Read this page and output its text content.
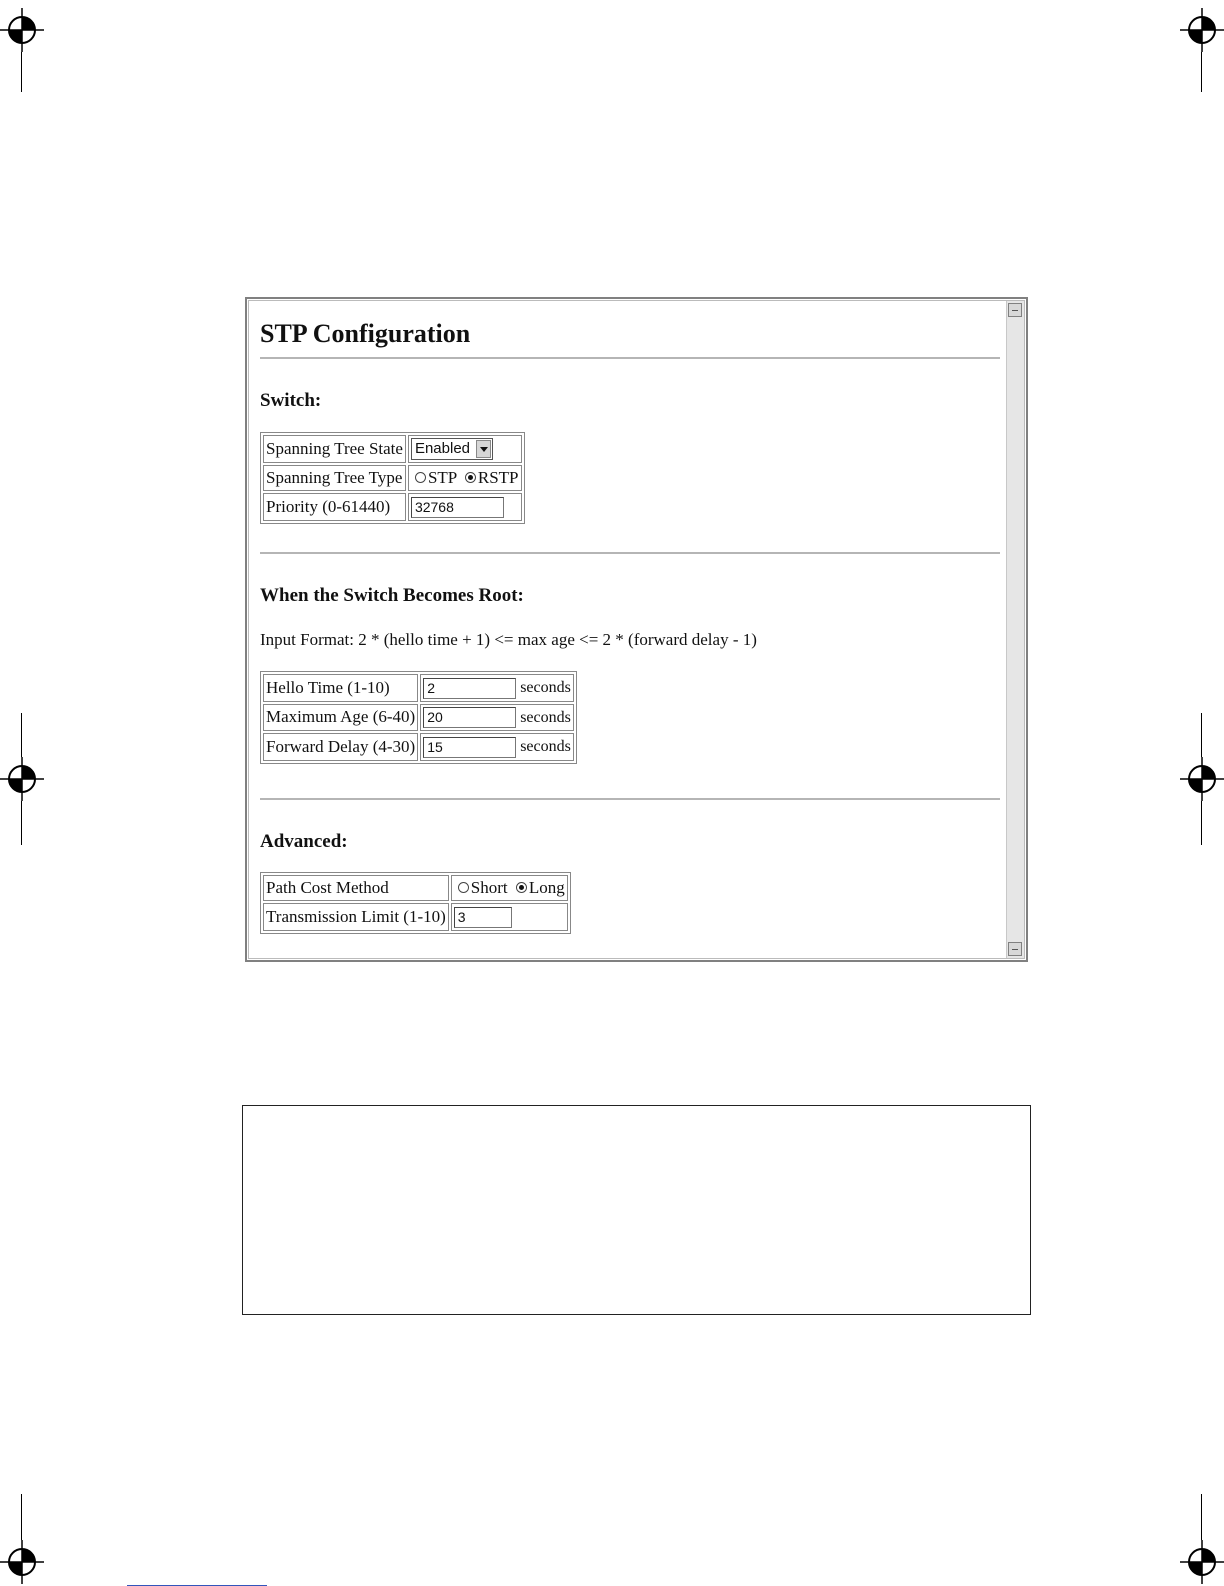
STP Configuration
Switch:
Spanning Tree State	Enabled

Spanning Tree Type	STP RSTP
Priority (0-61440)	32768
When the Switch Becomes Root:
Input Format: 2 * (hello time + 1) <= max age <= 2 * (forward delay - 1)
Hello Time (1-10)	2 seconds
Maximum Age (6-40)	20 seconds
Forward Delay (4-30)	15 seconds
Advanced:
Path Cost Method	Short Long
Transmission Limit (1-10)	3
